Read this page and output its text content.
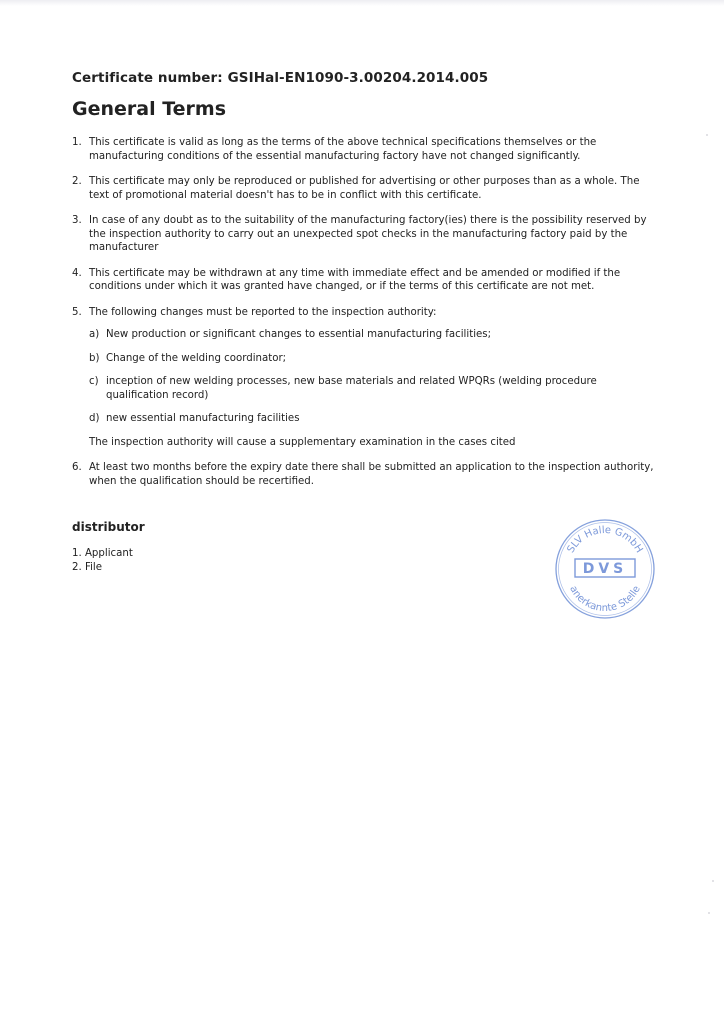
Certificate number: GSIHal-EN1090-3.00204.2014.005

General Terms
1. This certificate is valid as long as the terms of the above technical specifications themselves or the manufacturing conditions of the essential manufacturing factory have not changed significantly.
2. This certificate may only be reproduced or published for advertising or other purposes than as a whole. The text of promotional material doesn't has to be in conflict with this certificate.
3. In case of any doubt as to the suitability of the manufacturing factory(ies) there is the possibility reserved by the inspection authority to carry out an unexpected spot checks in the manufacturing factory paid by the manufacturer
4. This certificate may be withdrawn at any time with immediate effect and be amended or modified if the conditions under which it was granted have changed, or if the terms of this certificate are not met.
5. The following changes must be reported to the inspection authority:
a) New production or significant changes to essential manufacturing facilities;
b) Change of the welding coordinator;
c) inception of new welding processes, new base materials and related WPQRs (welding procedure qualification record)
d) new essential manufacturing facilities

The inspection authority will cause a supplementary examination in the cases cited

6. At least two months before the expiry date there shall be submitted an application to the inspection authority, when the qualification should be recertified.
distributor
1. Applicant
2. File
SLV Halle GmbH
DVS
anerkannte Stelle
